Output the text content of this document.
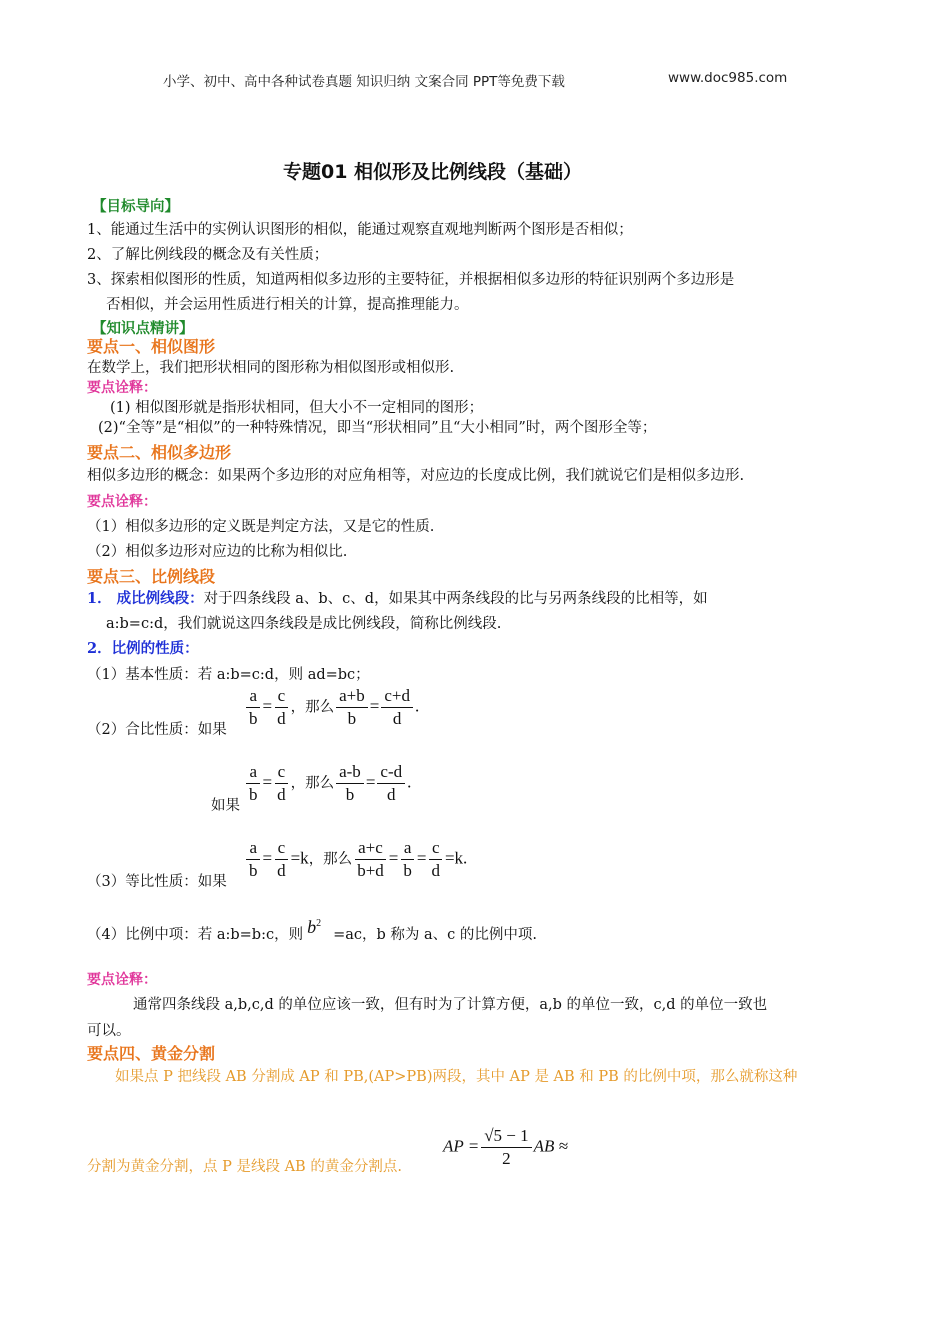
小学、初中、高中各种试卷真题 知识归纳 文案合同 PPT等免费下载	www.doc985.com
专题01 相似形及比例线段（基础）
【目标导向】
1、能通过生活中的实例认识图形的相似，能通过观察直观地判断两个图形是否相似；
2、了解比例线段的概念及有关性质；
3、探索相似图形的性质，知道两相似多边形的主要特征，并根据相似多边形的特征识别两个多边形是
否相似，并会运用性质进行相关的计算，提高推理能力。
【知识点精讲】
要点一、相似图形
在数学上，我们把形状相同的图形称为相似图形或相似形.
要点诠释：
(1) 相似图形就是指形状相同，但大小不一定相同的图形；
(2)“全等”是“相似”的一种特殊情况，即当“形状相同”且“大小相同”时，两个图形全等；
要点二、相似多边形
相似多边形的概念：如果两个多边形的对应角相等，对应边的长度成比例，我们就说它们是相似多边形.
要点诠释：
（1）相似多边形的定义既是判定方法，又是它的性质.
（2）相似多边形对应边的比称为相似比.
要点三、比例线段
1． 成比例线段：对于四条线段 a、b、c、d，如果其中两条线段的比与另两条线段的比相等，如
a:b=c:d，我们就说这四条线段是成比例线段，简称比例线段.
2．比例的性质：
（1）基本性质：若 a:b=c:d，则 ad=bc；
（2）合比性质：如果
$\frac{a}{b} = \frac{c}{d}$ ，那么 $\frac{a+b}{b} = \frac{c+d}{d}$ .
如果
$\frac{a}{b} = \frac{c}{d}$ ，那么 $\frac{a-b}{b} = \frac{c-d}{d}$ .
（3）等比性质：如果
$\frac{a}{b} = \frac{c}{d} =k$，那么 $\frac{a+c}{b+d} = \frac{a}{b} = \frac{c}{d} =k$.
（4）比例中项：若 a:b=b:c，则 $b^2=ac$，b 称为 a、c 的比例中项.
要点诠释：
通常四条线段 a,b,c,d 的单位应该一致，但有时为了计算方便，a,b 的单位一致，c,d 的单位一致也
可以。
要点四、黄金分割
如果点 P 把线段 AB 分割成 AP 和 PB,(AP>PB)两段，其中 AP 是 AB 和 PB 的比例中项，那么就称这种
分割为黄金分割，点 P 是线段 AB 的黄金分割点.
AP = $\frac{√5 - 1}{2}$ AB ≈
